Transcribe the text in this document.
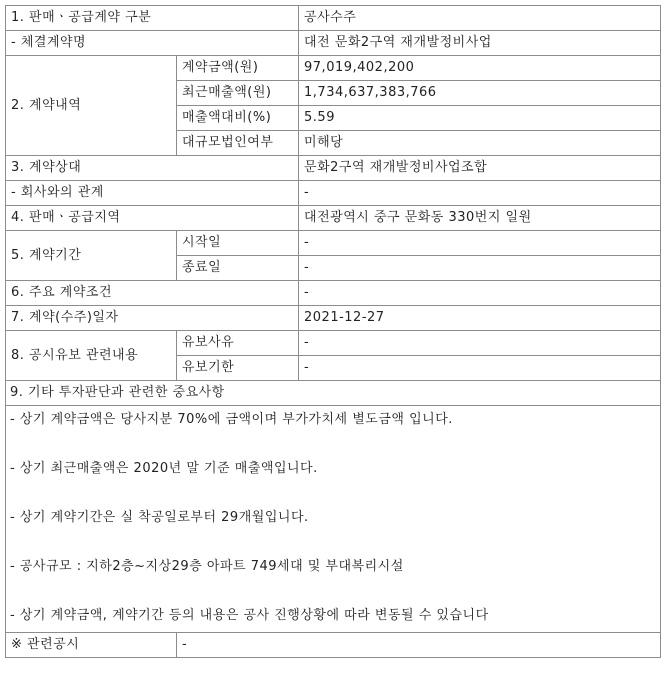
1. 판매ㆍ공급계약 구분		공사수주
- 체결계약명		대전 문화2구역 재개발정비사업
2. 계약내역	계약금액(원)	97,019,402,200
	최근매출액(원)	1,734,637,383,766
	매출액대비(%)	5.59
	대규모법인여부	미해당
3. 계약상대		문화2구역 재개발정비사업조합
- 회사와의 관계		-
4. 판매ㆍ공급지역		대전광역시 중구 문화동 330번지 일원
5. 계약기간	시작일	-
	종료일	-
6. 주요 계약조건		-
7. 계약(수주)일자		2021-12-27
8. 공시유보 관련내용	유보사유	-
	유보기한	-
9. 기타 투자판단과 관련한 중요사항		

- 상기 계약금액은 당사지분 70%에 금액이며 부가가치세 별도금액 입니다.
- 상기 최근매출액은 2020년 말 기준 매출액입니다.
- 상기 계약기간은 실 착공일로부터 29개월입니다.
- 공사규모 : 지하2층~지상29층 아파트 749세대 및 부대복리시설
- 상기 계약금액, 계약기간 등의 내용은 공사 진행상황에 따라 변동될 수 있습니다		

※ 관련공시	-	
